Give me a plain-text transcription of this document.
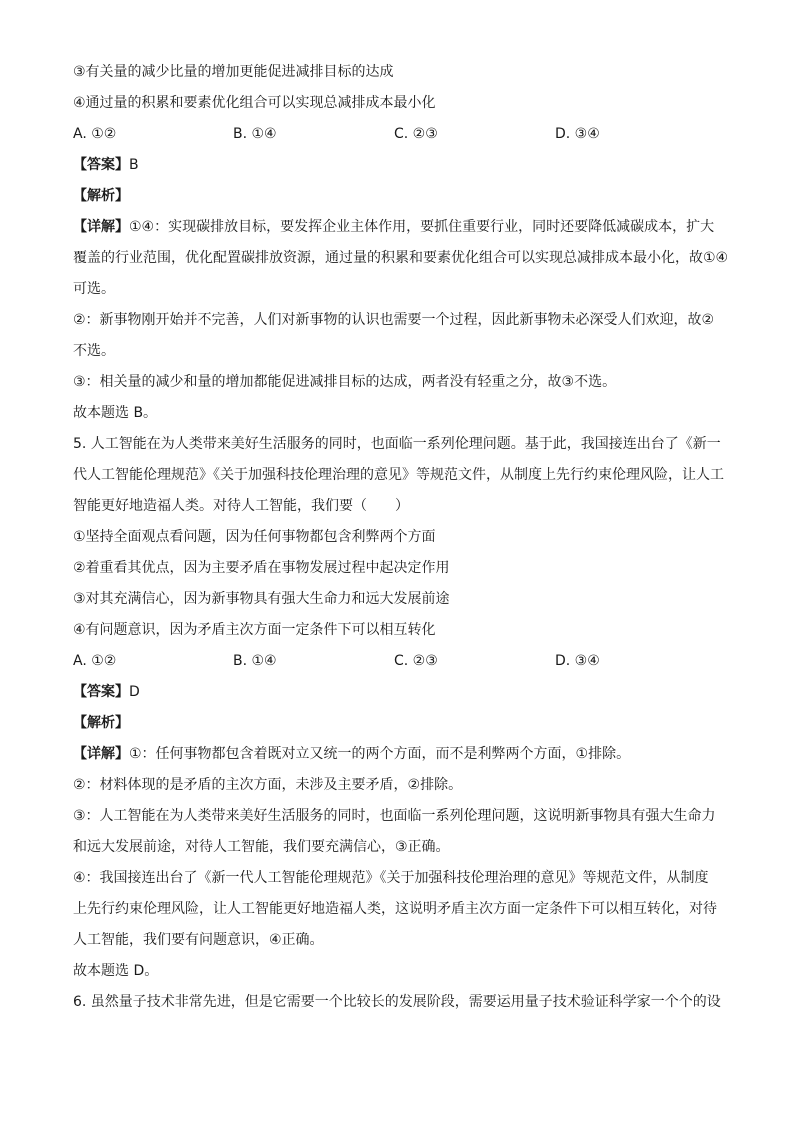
③有关量的减少比量的增加更能促进减排目标的达成
④通过量的积累和要素优化组合可以实现总减排成本最小化
A. ①②	B. ①④	C. ②③	D. ③④
【答案】B
【解析】
【详解】①④：实现碳排放目标，要发挥企业主体作用，要抓住重要行业，同时还要降低减碳成本，扩大
覆盖的行业范围，优化配置碳排放资源，通过量的积累和要素优化组合可以实现总减排成本最小化，故①④
可选。
②：新事物刚开始并不完善，人们对新事物的认识也需要一个过程，因此新事物未必深受人们欢迎，故②
不选。
③：相关量的减少和量的增加都能促进减排目标的达成，两者没有轻重之分，故③不选。
故本题选 B。
5. 人工智能在为人类带来美好生活服务的同时，也面临一系列伦理问题。基于此，我国接连出台了《新一
代人工智能伦理规范》《关于加强科技伦理治理的意见》等规范文件，从制度上先行约束伦理风险，让人工
智能更好地造福人类。对待人工智能，我们要（　　）
①坚持全面观点看问题，因为任何事物都包含利弊两个方面
②着重看其优点，因为主要矛盾在事物发展过程中起决定作用
③对其充满信心，因为新事物具有强大生命力和远大发展前途
④有问题意识，因为矛盾主次方面一定条件下可以相互转化
A. ①②	B. ①④	C. ②③	D. ③④
【答案】D
【解析】
【详解】①：任何事物都包含着既对立又统一的两个方面，而不是利弊两个方面，①排除。
②：材料体现的是矛盾的主次方面，未涉及主要矛盾，②排除。
③：人工智能在为人类带来美好生活服务的同时，也面临一系列伦理问题，这说明新事物具有强大生命力
和远大发展前途，对待人工智能，我们要充满信心，③正确。
④：我国接连出台了《新一代人工智能伦理规范》《关于加强科技伦理治理的意见》等规范文件，从制度
上先行约束伦理风险，让人工智能更好地造福人类，这说明矛盾主次方面一定条件下可以相互转化，对待
人工智能，我们要有问题意识，④正确。
故本题选 D。
6. 虽然量子技术非常先进，但是它需要一个比较长的发展阶段，需要运用量子技术验证科学家一个个的设
